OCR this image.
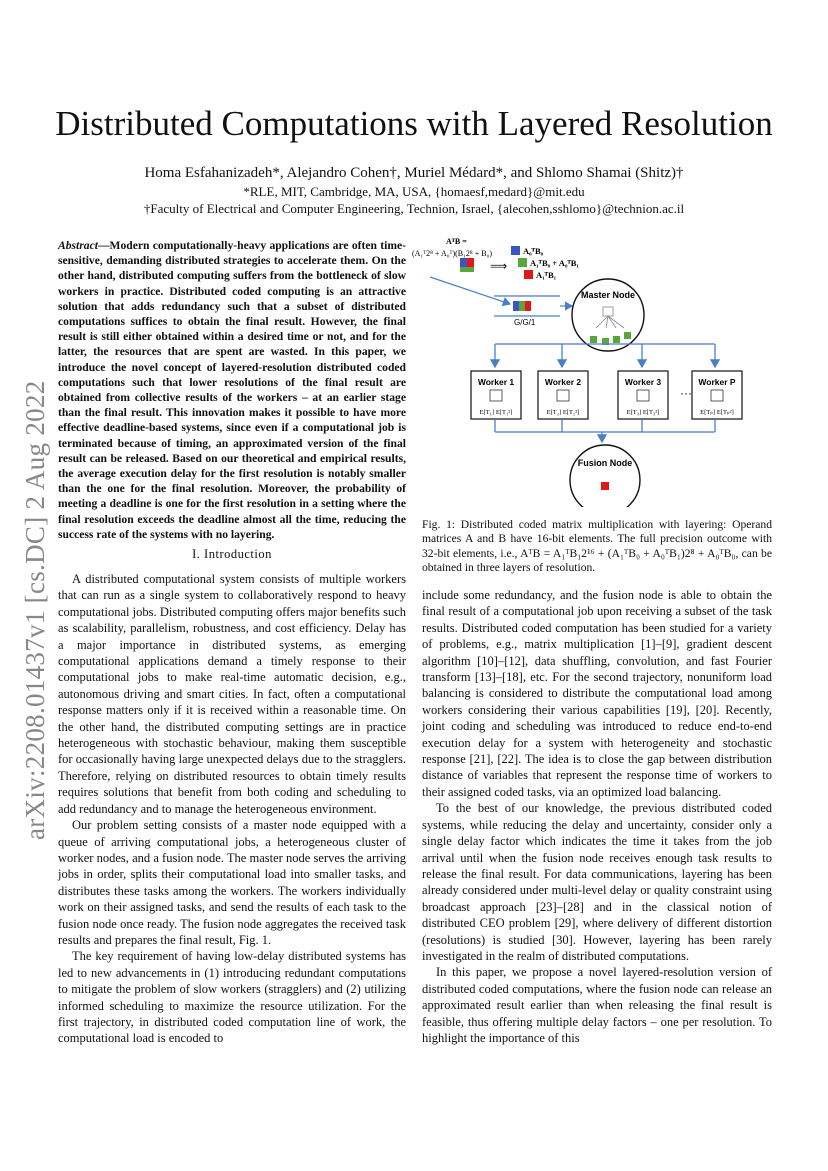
Distributed Computations with Layered Resolution
Homa Esfahanizadeh*, Alejandro Cohen†, Muriel Médard*, and Shlomo Shamai (Shitz)†
*RLE, MIT, Cambridge, MA, USA, {homaesf,medard}@mit.edu
†Faculty of Electrical and Computer Engineering, Technion, Israel, {alecohen,sshlomo}@technion.ac.il
arXiv:2208.01437v1 [cs.DC] 2 Aug 2022
Abstract—Modern computationally-heavy applications are often time-sensitive, demanding distributed strategies to accelerate them. On the other hand, distributed computing suffers from the bottleneck of slow workers in practice. Distributed coded computing is an attractive solution that adds redundancy such that a subset of distributed computations suffices to obtain the final result. However, the final result is still either obtained within a desired time or not, and for the latter, the resources that are spent are wasted. In this paper, we introduce the novel concept of layered-resolution distributed coded computations such that lower resolutions of the final result are obtained from collective results of the workers – at an earlier stage than the final result. This innovation makes it possible to have more effective deadline-based systems, since even if a computational job is terminated because of timing, an approximated version of the final result can be released. Based on our theoretical and empirical results, the average execution delay for the first resolution is notably smaller than the one for the final resolution. Moreover, the probability of meeting a deadline is one for the first resolution in a setting where the final resolution exceeds the deadline almost all the time, reducing the success rate of the systems with no layering.
I. Introduction

A distributed computational system consists of multiple workers that can run as a single system to collaboratively respond to heavy computational jobs. Distributed computing offers major benefits such as scalability, parallelism, robustness, and cost efficiency. Delay has a major importance in distributed systems, as emerging computational applications demand a timely response to their computational jobs to make real-time automatic decision, e.g., autonomous driving and smart cities. In fact, often a computational response matters only if it is received within a reasonable time. On the other hand, the distributed computing settings are in practice heterogeneous with stochastic behaviour, making them susceptible for occasionally having large unexpected delays due to the stragglers. Therefore, relying on distributed resources to obtain timely results requires solutions that benefit from both coding and scheduling to add redundancy and to manage the heterogeneous environment.

Our problem setting consists of a master node equipped with a queue of arriving computational jobs, a heterogeneous cluster of worker nodes, and a fusion node. The master node serves the arriving jobs in order, splits their computational load into smaller tasks, and distributes these tasks among the workers. The workers individually work on their assigned tasks, and send the results of each task to the fusion node once ready. The fusion node aggregates the received task results and prepares the final result, Fig. 1.

The key requirement of having low-delay distributed systems has led to new advancements in (1) introducing redundant computations to mitigate the problem of slow workers (stragglers) and (2) utilizing informed scheduling to maximize the resource utilization. For the first trajectory, in distributed coded computation line of work, the computational load is encoded to

include some redundancy, and the fusion node is able to obtain the final result of a computational job upon receiving a subset of the task results. Distributed coded computation has been studied for a variety of problems, e.g., matrix multiplication [1]–[9], gradient descent algorithm [10]–[12], data shuffling, convolution, and fast Fourier transform [13]–[18], etc. For the second trajectory, nonuniform load balancing is considered to distribute the computational load among workers considering their various capabilities [19], [20]. Recently, joint coding and scheduling was introduced to reduce end-to-end execution delay for a system with heterogeneity and stochastic response [21], [22]. The idea is to close the gap between distribution distance of variables that represent the response time of workers to their assigned coded tasks, via an optimized load balancing.

To the best of our knowledge, the previous distributed coded systems, while reducing the delay and uncertainty, consider only a single delay factor which indicates the time it takes from the job arrival until when the fusion node receives enough task results to release the final result. For data communications, layering has been already considered under multi-level delay or quality constraint using broadcast approach [23]–[28] and in the classical notion of distributed CEO problem [29], where delivery of different distortion (resolutions) is studied [30]. However, layering has been rarely investigated in the realm of distributed computations.

In this paper, we propose a novel layered-resolution version of distributed coded computations, where the fusion node can release an approximated result earlier than when releasing the final result is feasible, thus offering multiple delay factors – one per resolution. To highlight the importance of this

AᵀB =
(A₁ᵀ2⁸ + A₀ᵀ)(B₁2⁸ + B₀)
⟹
A₀ᵀB₀
A₁ᵀB₀ + A₀ᵀB₁
A₁ᵀB₁
G/G/1
Master Node
Worker 1
E[T₁] E[T₁²]
Worker 2
E[T₂] E[T₂²]
Worker 3
E[T₃] E[T₃²]
···
Worker P
E[Tₚ] E[Tₚ²]
Fusion Node
Fig. 1: Distributed coded matrix multiplication with layering: Operand matrices A and B have 16-bit elements. The full precision outcome with 32-bit elements, i.e., AᵀB = A₁ᵀB₁2¹⁶ + (A₁ᵀB₀ + A₀ᵀB₁)2⁸ + A₀ᵀB₀, can be obtained in three layers of resolution.
